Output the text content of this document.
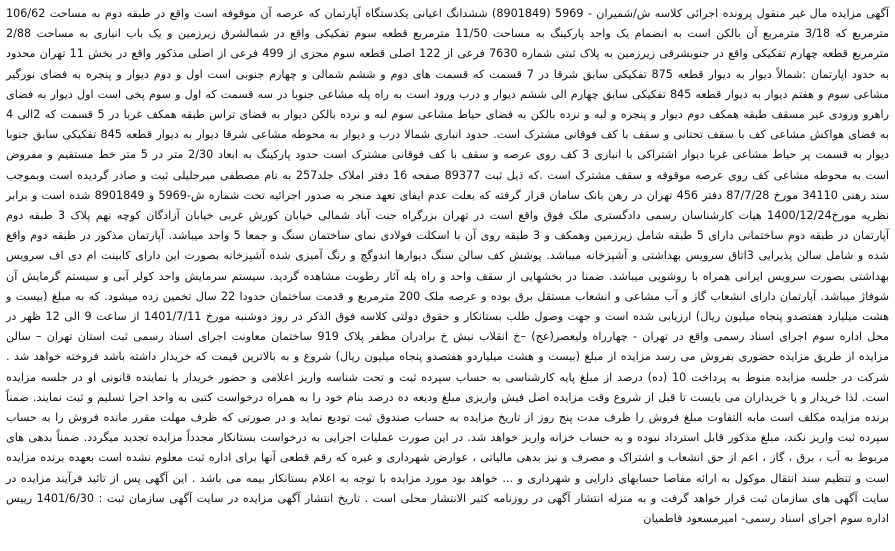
آگهی مزایده مال غیر منقول پرونده اجرائی کلاسه ش/شمیران - 5969 (8901849) ششدانگ اعیانی یکدستگاه آپارتمان که عرصه آن موقوفه است واقع در طبقه دوم به مساحت 106/62 مترمربع که 3/18 مترمربع آن بالکن است به انضمام یک واحد پارکینگ به مساحت 11/50 مترمربع قطعه سوم تفکیکی واقع در شمالشرق زیرزمین و یک باب انباری به مساحت 2/88 مترمربع قطعه چهارم تفکیکی واقع در جنوبشرقی زیرزمین به پلاک ثبتی شماره 7630 فرعی از 122 اصلی قطعه سوم مجزی از 499 فرعی از اصلی مذکور واقع در بخش 11 تهران محدود به حدود اپارتمان :شمالاً دیوار به دیوار قطعه 875 تفکیکی سابق شرقا در 7 قسمت که قسمت های دوم و ششم شمالی و چهارم جنوبی است اول و دوم دیوار و پنجره به فضای نورگیر مشاعی سوم و هفتم دیوار به دیوار قطعه 845 تفکیکی سابق چهارم الی ششم دیوار و درب ورود است به راه پله مشاعی جنوبا در سه قسمت که اول و سوم پخی است اول دیوار به فضای راهرو ورودی غیر مسقف طبقه همکف دوم دیوار و پنجره و لبه و نرده بالکن به فضای حیاط مشاعی سوم لبه و نرده بالکن دیوار به فضای تراس طبقه همکف غربا در 5 قسمت که 2الی 4 به فضای هواکش مشاعی کف با سقف تحتانی و سقف با کف فوقانی مشترک است. حدود انباری شمالا درب و دیوار به محوطه مشاعی شرقا دیوار به دیوار قطعه 845 تفکیکی سابق جنوبا دیوار به قسمت پر حیاط مشاعی غربا دیوار اشتراکی با انباری 3 کف روی عرصه و سقف با کف فوقانی مشترک است حدود پارکینگ به ابعاد 2/30 متر در 5 متر خط مستقیم و مفروض است به محوطه مشاعی کف روی عرصه موقوفه و سقف مشترک است .که ذیل ثبت 89377 صفحه 16 دفتر املاک جلد257 به نام مصطفی میرجلیلی ثبت و صادر گردیده است وبموجب سند رهنی 34110 مورخ 87/7/28 دفتر 456 تهران در رهن بانک سامان قرار گرفته که بعلت عدم ایفای تعهد منجر به صدور اجرائیه تحت شماره ش-5969 و 8901849 شده است و برابر نظریه مورخ1400/12/24 هیات کارشناسان رسمی دادگستری ملک فوق واقع است در تهران بزرگراه جنت آباد شمالی خیابان کورش غربی خیابان آزادگان کوچه نهم پلاک 3 طبقه دوم آپارتمان در طبقه دوم ساختمانی دارای 5 طبقه شامل زیرزمین وهمکف و 3 طبقه روی آن با اسکلت فولادی نمای ساختمان سنگ و جمعا 5 واحد میباشد. آپارتمان مذکور در طبقه دوم واقع شده و شامل سالن پذیرایی 3اتاق سرویس بهداشتی و آشپزخانه میباشد. پوشش کف سالن سنگ دیوارها اندوگچ و رنگ آمیزی شده آشپزخانه بصورت این دارای کابینت ام دی اف سرویس بهداشتی بصورت سرویس ایرانی همراه با روشویی میباشد. ضمنا در بخشهایی از سقف واحد و راه پله آثار رطوبت مشاهده گردید. سیستم سرمایش واحد کولر آبی و سیستم گرمایش آن شوفاژ میباشد. آپارتمان دارای انشعاب گاز و آب مشاعی و انشعاب مستقل برق بوده و عرصه ملک 200 مترمربع و قدمت ساختمان حدودا 22 سال تخمین زده میشود. که به مبلغ (بیست و هشت میلیارد هفتصدو پنجاه میلیون ریال) ارزیابی شده است و جهت وصول طلب بستانکار و حقوق دولتی کلاسه فوق الذکر در روز دوشنبه مورخ 1401/7/11 از ساعت 9 الی 12 ظهر در محل اداره سوم اجرای اسناد رسمی واقع در تهران - چهارراه ولیعصر(عج) –خ انقلاب نبش خ برادران مظفر پلاک 919 ساختمان معاونت اجرای اسناد رسمی ثبت استان تهران – سالن مزایده از طریق مزایده حضوری بفروش می رسد مزایده از مبلغ (بیست و هشت میلیاردو هفتصدو پنجاه میلیون ریال) شروع و به بالاترین قیمت که خریدار داشته باشد فروخته خواهد شد . شرکت در جلسه مزایده منوط به پرداخت 10 (ده) درصد از مبلغ پایه کارشناسی به حساب سپرده ثبت و تحت شناسه واریز اعلامی و حضور خریدار یا نماینده قانونی او در جلسه مزایده است. لذا خریدار و یا خریداران می بایست تا قبل از شروع وقت مزایده اصل فیش واریزی مبلغ ودیعه ده درصد بنام خود را به همراه درخواست کتبی به واحد اجرا تسلیم و ثبت نمایند. ضمناً برنده مزایده مکلف است مابه التفاوت مبلغ فروش را ظرف مدت پنج روز از تاریخ مزایده به حساب صندوق ثبت تودیع نماید و در صورتی که ظرف مهلت مقرر مانده فروش را به حساب سپرده ثبت واریز نکند، مبلغ مذکور قابل استرداد نبوده و به حساب خزانه واریز خواهد شد. در این صورت عملیات اجرایی به درخواست بستانکار مجدداً مزایده تجدید میگردد. ضمناً بدهی های مربوط به آب ، برق ، گاز ، اعم از حق انشعاب و اشتراک و مصرف و نیز بدهی مالیاتی ، عوارض شهرداری و غیره که رقم قطعی آنها برای اداره ثبت معلوم نشده است بعهده برنده مزایده است و تنظیم سند انتقال موکول به ارائه مفاصا حسابهای دارایی و شهرداری و ... خواهد بود مورد مزایده با توجه به اعلام بستانکار بیمه می باشد . این آگهی پس از تائید فرآیند مزایده در سایت آگهی های سازمان ثبت قرار خواهد گرفت و به منزله انتشار آگهی در روزنامه کثیر الانتشار محلی است . تاریخ انتشار آگهی مزایده در سایت آگهی سازمان ثبت : 1401/6/30 رییس اداره سوم اجرای اسناد رسمی- امیرمسعود فاطمیان
